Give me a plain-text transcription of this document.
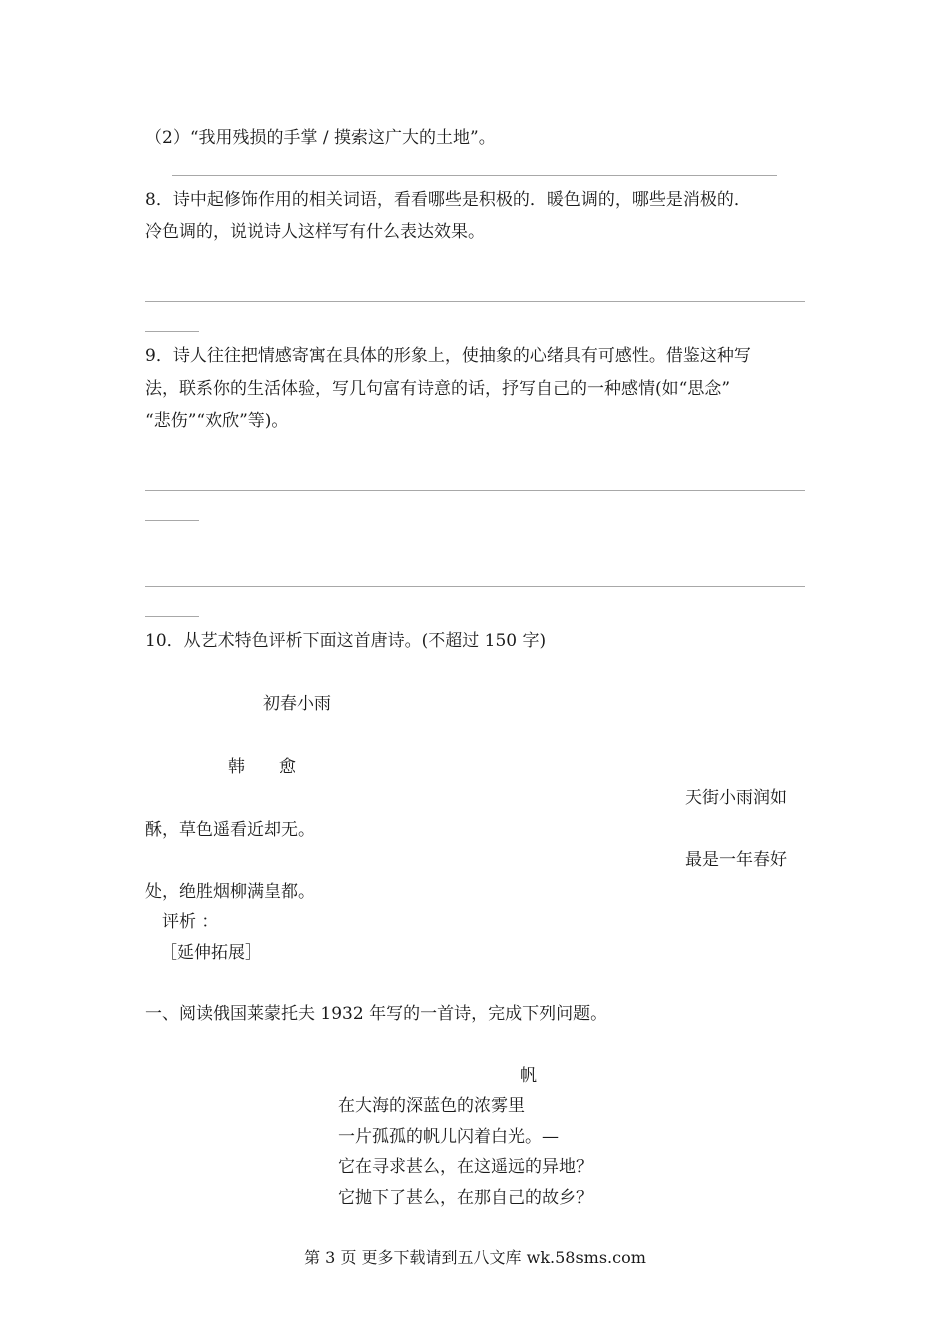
（2）“我用残损的手掌 / 摸索这广大的土地”。
8．诗中起修饰作用的相关词语，看看哪些是积极的．暖色调的，哪些是消极的．
冷色调的，说说诗人这样写有什么表达效果。
9．诗人往往把情感寄寓在具体的形象上，使抽象的心绪具有可感性。借鉴这种写
法，联系你的生活体验，写几句富有诗意的话，抒写自己的一种感情(如“思念”
“悲伤”“欢欣”等)。
10．从艺术特色评析下面这首唐诗。(不超过 150 字)
初春小雨
韩　　愈
天街小雨润如
酥，草色遥看近却无。
最是一年春好
处，绝胜烟柳满皇都。
评析 ：
［延伸拓展］
一、阅读俄国莱蒙托夫 1932 年写的一首诗，完成下列问题。
帆
在大海的深蓝色的浓雾里
一片孤孤的帆儿闪着白光。—
它在寻求甚么，在这遥远的异地？
它抛下了甚么，在那自己的故乡？
第 3 页 更多下载请到五八文库 wk.58sms.com
